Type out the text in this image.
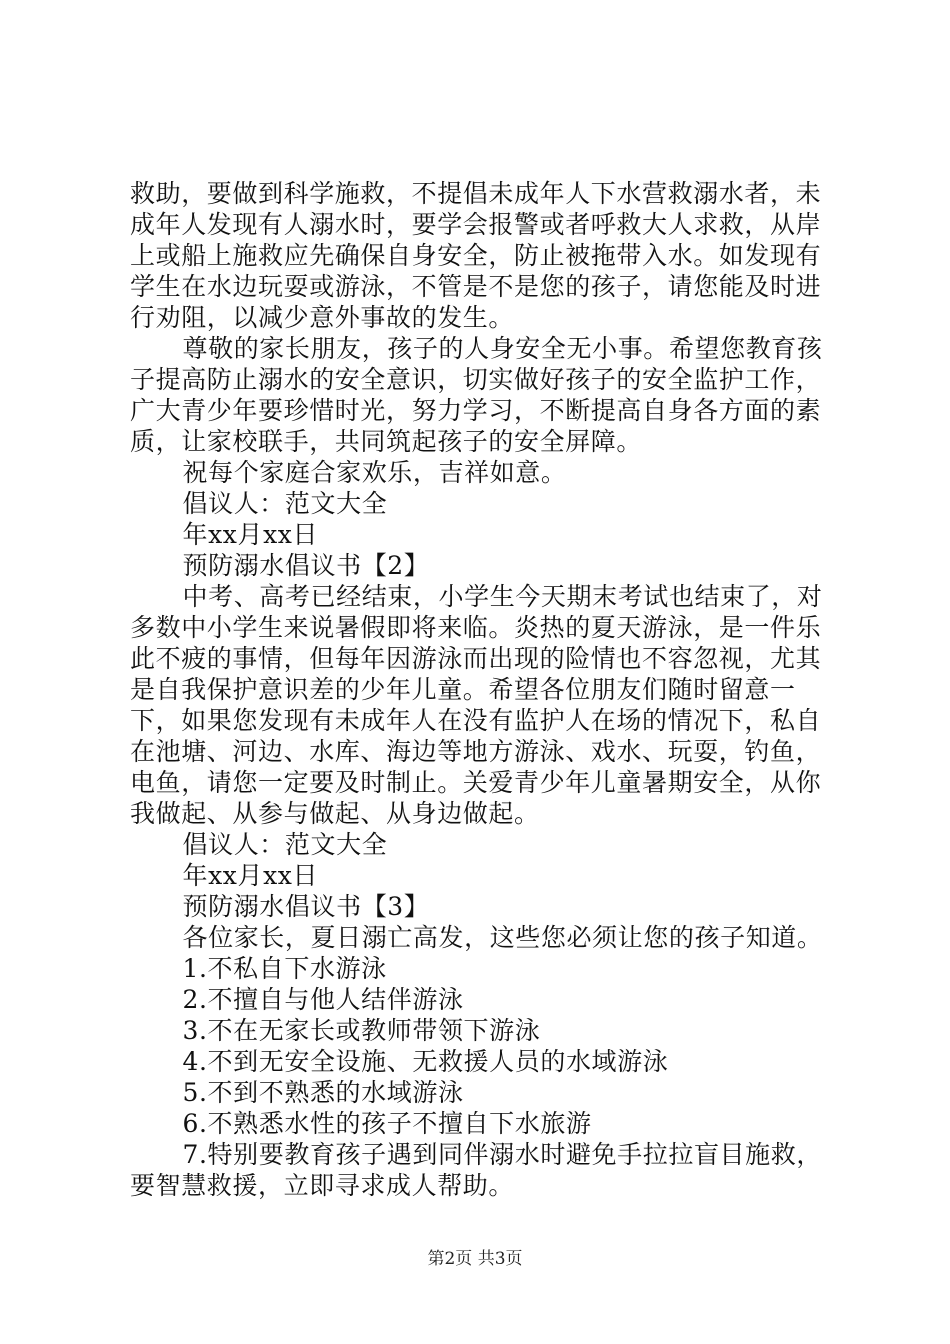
救助，要做到科学施救，不提倡未成年人下水营救溺水者，未成年人发现有人溺水时，要学会报警或者呼救大人求救，从岸上或船上施救应先确保自身安全，防止被拖带入水。如发现有学生在水边玩耍或游泳，不管是不是您的孩子，请您能及时进行劝阻，以减少意外事故的发生。

尊敬的家长朋友，孩子的人身安全无小事。希望您教育孩子提高防止溺水的安全意识，切实做好孩子的安全监护工作，广大青少年要珍惜时光，努力学习，不断提高自身各方面的素质，让家校联手，共同筑起孩子的安全屏障。

祝每个家庭合家欢乐，吉祥如意。

倡议人：范文大全

年xx月xx日

预防溺水倡议书【2】

中考、高考已经结束，小学生今天期末考试也结束了，对多数中小学生来说暑假即将来临。炎热的夏天游泳，是一件乐此不疲的事情，但每年因游泳而出现的险情也不容忽视，尤其是自我保护意识差的少年儿童。希望各位朋友们随时留意一下，如果您发现有未成年人在没有监护人在场的情况下，私自在池塘、河边、水库、海边等地方游泳、戏水、玩耍，钓鱼，电鱼，请您一定要及时制止。关爱青少年儿童暑期安全，从你我做起、从参与做起、从身边做起。

倡议人：范文大全

年xx月xx日

预防溺水倡议书【3】

各位家长，夏日溺亡高发，这些您必须让您的孩子知道。

1.不私自下水游泳

2.不擅自与他人结伴游泳

3.不在无家长或教师带领下游泳

4.不到无安全设施、无救援人员的水域游泳

5.不到不熟悉的水域游泳

6.不熟悉水性的孩子不擅自下水旅游

7.特别要教育孩子遇到同伴溺水时避免手拉拉盲目施救，要智慧救援，立即寻求成人帮助。

第2页 共3页
